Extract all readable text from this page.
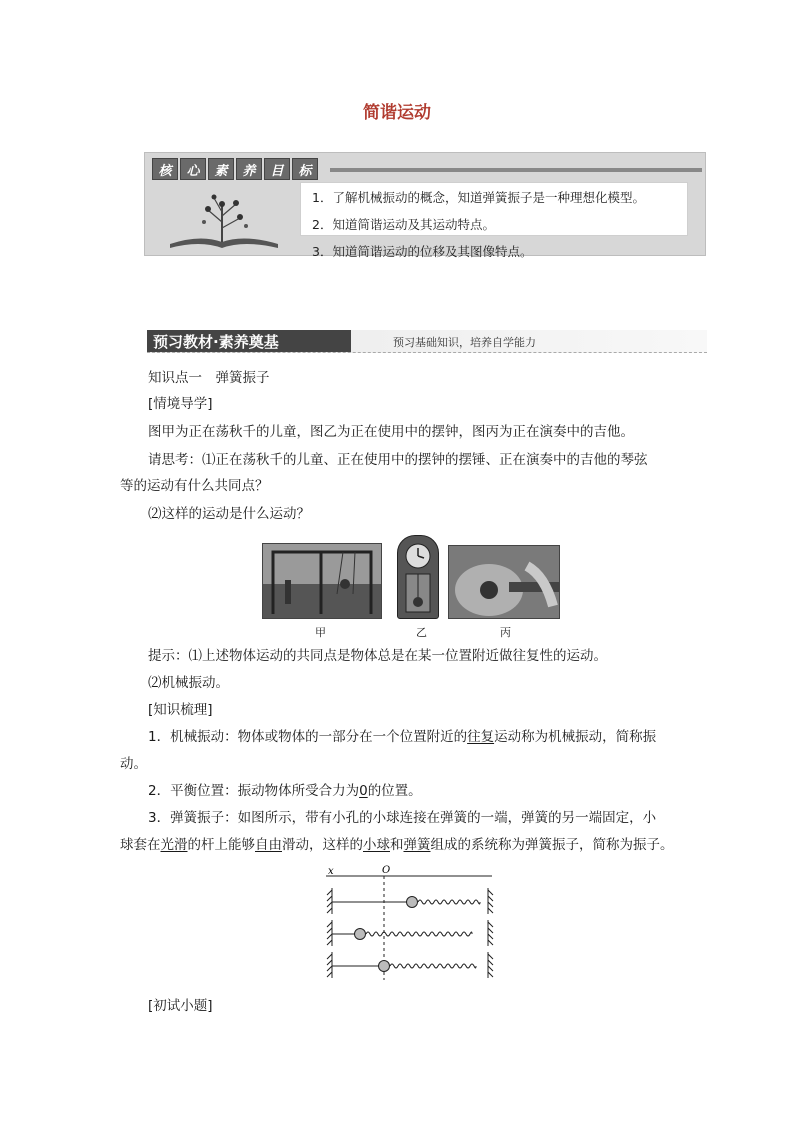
简谐运动
核	心	素	养	目	标
1．了解机械振动的概念，知道弹簧振子是一种理想化模型。
2．知道简谐运动及其运动特点。
3．知道简谐运动的位移及其图像特点。
预习教材·素养奠基	预习基础知识，培养自学能力
知识点一　弹簧振子
[情境导学]
图甲为正在荡秋千的儿童，图乙为正在使用中的摆钟，图丙为正在演奏中的吉他。
请思考：⑴正在荡秋千的儿童、正在使用中的摆钟的摆锤、正在演奏中的吉他的琴弦
等的运动有什么共同点？
⑵这样的运动是什么运动？
甲	乙	丙
提示：⑴上述物体运动的共同点是物体总是在某一位置附近做往复性的运动。
⑵机械振动。
[知识梳理]
1．机械振动：物体或物体的一部分在一个位置附近的往复运动称为机械振动，简称振
动。
2．平衡位置：振动物体所受合力为0的位置。
3．弹簧振子：如图所示，带有小孔的小球连接在弹簧的一端，弹簧的另一端固定，小
球套在光滑的杆上能够自由滑动，这样的小球和弹簧组成的系统称为弹簧振子，简称为振子。
x	O
[初试小题]
